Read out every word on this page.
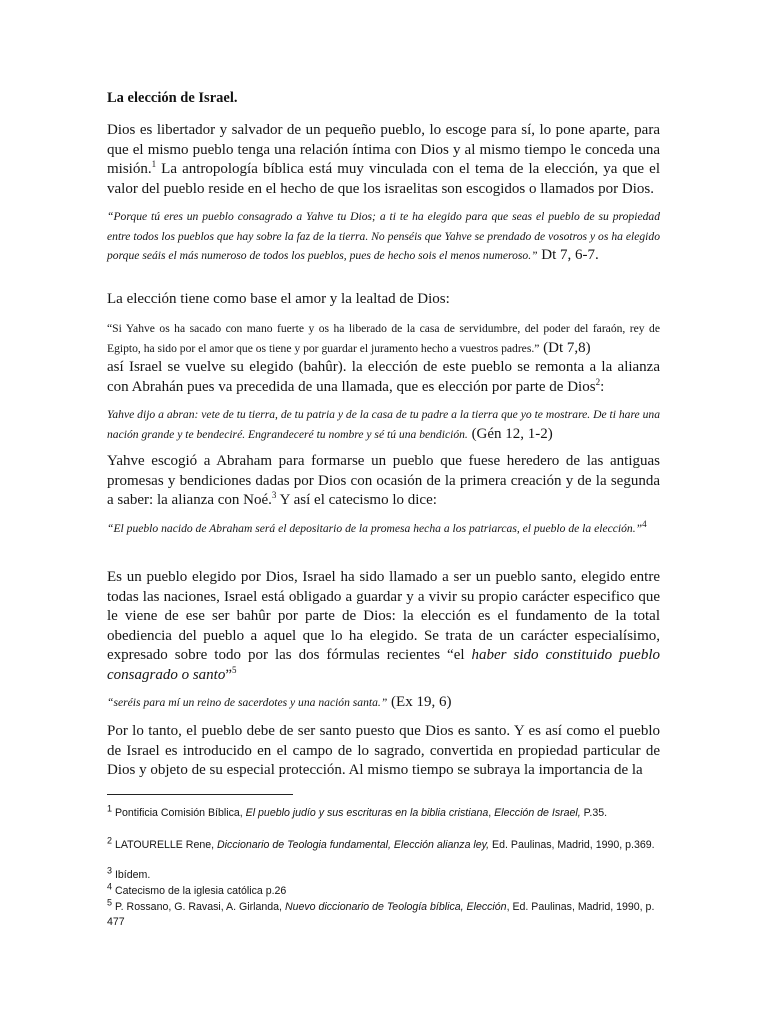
La elección de Israel.

Dios es libertador y salvador de un pequeño pueblo, lo escoge para sí, lo pone aparte, para que el mismo pueblo tenga una relación íntima con Dios y al mismo tiempo le conceda una misión.$^1$ La antropología bíblica está muy vinculada con el tema de la elección, ya que el valor del pueblo reside en el hecho de que los israelitas son escogidos o llamados por Dios.

“Porque tú eres un pueblo consagrado a Yahve tu Dios; a ti te ha elegido para que seas el pueblo de su propiedad entre todos los pueblos que hay sobre la faz de la tierra. No penséis que Yahve se prendado de vosotros y os ha elegido porque seáis el más numeroso de todos los pueblos, pues de hecho sois el menos numeroso.” Dt 7, 6-7.

La elección tiene como base el amor y la lealtad de Dios:

“Si Yahve os ha sacado con mano fuerte y os ha liberado de la casa de servidumbre, del poder del faraón, rey de Egipto, ha sido por el amor que os tiene y por guardar el juramento hecho a vuestros padres.” (Dt 7,8)

así Israel se vuelve su elegido (bahûr). la elección de este pueblo se remonta a la alianza con Abrahán pues va precedida de una llamada, que es elección por parte de Dios$^2$:

Yahve dijo a abran: vete de tu tierra, de tu patria y de la casa de tu padre a la tierra que yo te mostrare. De ti hare una nación grande y te bendeciré. Engrandeceré tu nombre y sé tú una bendición. (Gén 12, 1-2)

Yahve escogió a Abraham para formarse un pueblo que fuese heredero de las antiguas promesas y bendiciones dadas por Dios con ocasión de la primera creación y de la segunda a saber: la alianza con Noé.$^3$ Y así el catecismo lo dice:

“El pueblo nacido de Abraham será el depositario de la promesa hecha a los patriarcas, el pueblo de la elección.”$^4$

Es un pueblo elegido por Dios, Israel ha sido llamado a ser un pueblo santo, elegido entre todas las naciones, Israel está obligado a guardar y a vivir su propio carácter especifico que le viene de ese ser bahûr por parte de Dios: la elección es el fundamento de la total obediencia del pueblo a aquel que lo ha elegido. Se trata de un carácter especialísimo, expresado sobre todo por las dos fórmulas recientes “el haber sido constituido pueblo consagrado o santo”$^5$

“seréis para mí un reino de sacerdotes y una nación santa.” (Ex 19, 6)

Por lo tanto, el pueblo debe de ser santo puesto que Dios es santo. Y es así como el pueblo de Israel es introducido en el campo de lo sagrado, convertida en propiedad particular de Dios y objeto de su especial protección. Al mismo tiempo se subraya la importancia de la

$^1$ Pontificia Comisión Bíblica, El pueblo judío y sus escrituras en la biblia cristiana, Elección de Israel, P.35.
$^2$ LATOURELLE Rene, Diccionario de Teologia fundamental, Elección alianza ley, Ed. Paulinas, Madrid, 1990, p.369.
$^3$ Ibídem.
$^4$ Catecismo de la iglesia católica p.26
$^5$ P. Rossano, G. Ravasi, A. Girlanda, Nuevo diccionario de Teología bíblica, Elección, Ed. Paulinas, Madrid, 1990, p. 477
